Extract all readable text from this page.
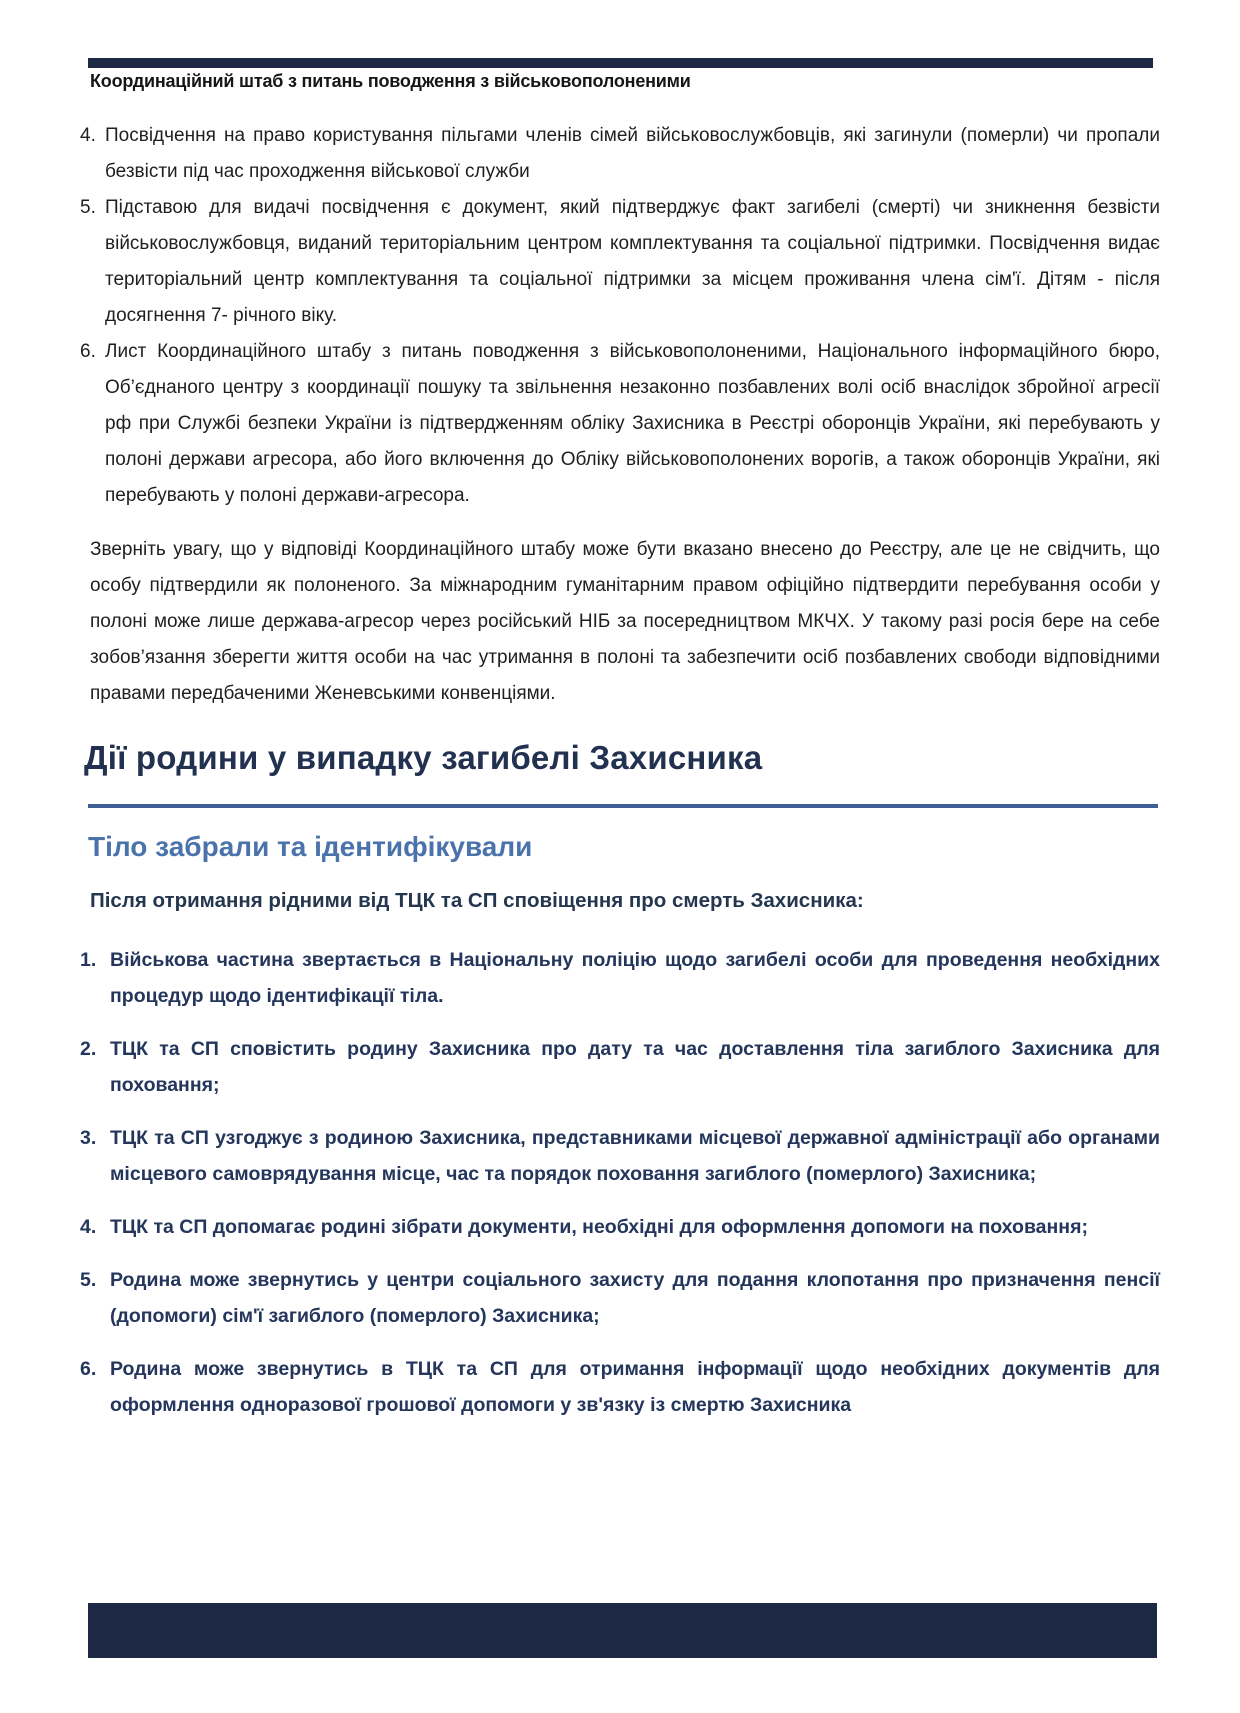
Координаційний штаб з питань поводження з військовополоненими
4. Посвідчення на право користування пільгами членів сімей військовослужбовців, які загинули (померли) чи пропали безвісти під час проходження військової служби
5. Підставою для видачі посвідчення є документ, який підтверджує факт загибелі (смерті) чи зникнення безвісти військовослужбовця, виданий територіальним центром комплектування та соціальної підтримки. Посвідчення видає територіальний центр комплектування та соціальної підтримки за місцем проживання члена сім'ї. Дітям - після досягнення 7- річного віку.
6. Лист Координаційного штабу з питань поводження з військовополоненими, Національного інформаційного бюро, Об’єднаного центру з координації пошуку та звільнення незаконно позбавлених волі осіб внаслідок збройної агресії рф при Службі безпеки України із підтвердженням обліку Захисника в Реєстрі оборонців України, які перебувають у полоні держави агресора, або його включення до Обліку військовополонених ворогів, а також оборонців України, які перебувають у полоні держави-агресора.
Зверніть увагу, що у відповіді Координаційного штабу може бути вказано внесено до Реєстру, але це не свідчить, що особу підтвердили як полоненого. За міжнародним гуманітарним правом офіційно підтвердити перебування особи у полоні може лише держава-агресор через російський НІБ за посередництвом МКЧХ. У такому разі росія бере на себе зобов’язання зберегти життя особи на час утримання в полоні та забезпечити осіб позбавлених свободи відповідними правами передбаченими Женевськими конвенціями.
Дії родини у випадку загибелі Захисника
Тіло забрали та ідентифікували
Після отримання рідними від ТЦК та СП сповіщення про смерть Захисника:
1. Військова частина звертається в Національну поліцію щодо загибелі особи для проведення необхідних процедур щодо ідентифікації тіла.
2. ТЦК та СП сповістить родину Захисника про дату та час доставлення тіла загиблого Захисника для поховання;
3. ТЦК та СП узгоджує з родиною Захисника, представниками місцевої державної адміністрації або органами місцевого самоврядування місце, час та порядок поховання загиблого (померлого) Захисника;
4. ТЦК та СП допомагає родині зібрати документи, необхідні для оформлення допомоги на поховання;
5. Родина може звернутись у центри соціального захисту для подання клопотання про призначення пенсії (допомоги) сім'ї загиблого (померлого) Захисника;
6. Родина може звернутись в ТЦК та СП для отримання інформації щодо необхідних документів для оформлення одноразової грошової допомоги у зв'язку із смертю Захисника
